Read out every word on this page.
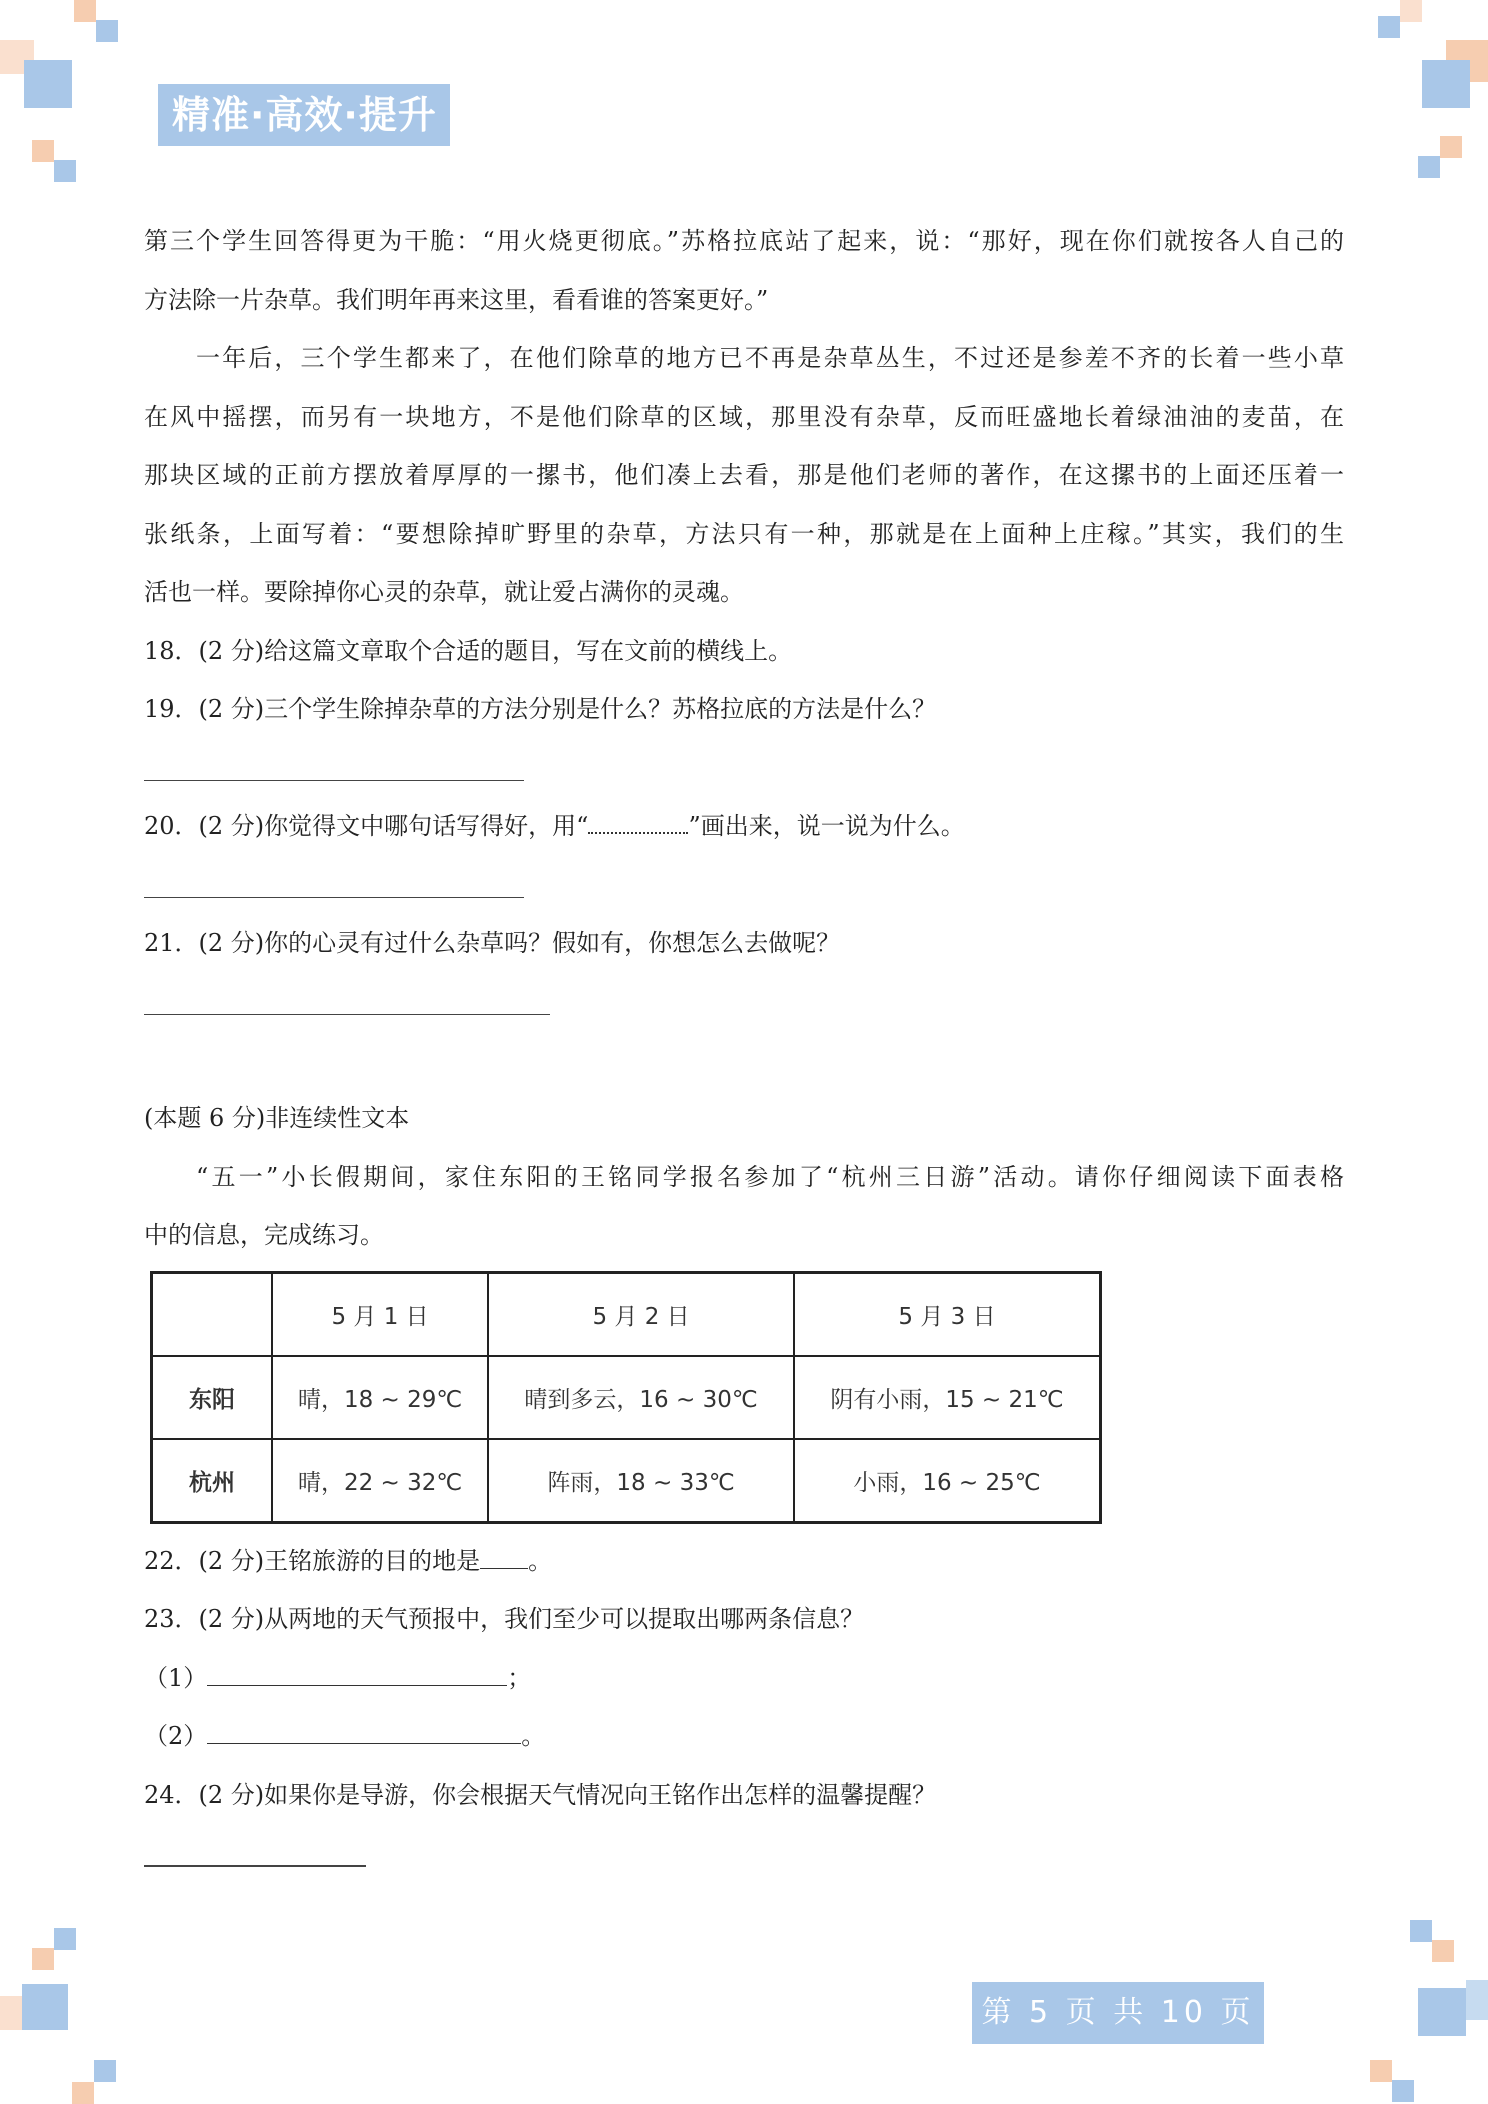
精准·高效·提升
第三个学生回答得更为干脆：“用火烧更彻底。”苏格拉底站了起来，说：“那好，现在你们就按各人自己的
方法除一片杂草。我们明年再来这里，看看谁的答案更好。”
一年后，三个学生都来了，在他们除草的地方已不再是杂草丛生，不过还是参差不齐的长着一些小草
在风中摇摆，而另有一块地方，不是他们除草的区域，那里没有杂草，反而旺盛地长着绿油油的麦苗，在
那块区域的正前方摆放着厚厚的一摞书，他们凑上去看，那是他们老师的著作，在这摞书的上面还压着一
张纸条，上面写着：“要想除掉旷野里的杂草，方法只有一种，那就是在上面种上庄稼。”其实，我们的生
活也一样。要除掉你心灵的杂草，就让爱占满你的灵魂。
18．(2 分)给这篇文章取个合适的题目，写在文前的横线上。
19．(2 分)三个学生除掉杂草的方法分别是什么？苏格拉底的方法是什么？
20．(2 分)你觉得文中哪句话写得好，用“	”画出来，说一说为什么。
21．(2 分)你的心灵有过什么杂草吗？假如有，你想怎么去做呢？
(本题 6 分)非连续性文本
“五一”小长假期间，家住东阳的王铭同学报名参加了“杭州三日游”活动。请你仔细阅读下面表格
中的信息，完成练习。
	5 月 1 日	5 月 2 日	5 月 3 日
东阳	晴，18 ~ 29℃	晴到多云，16 ~ 30℃	阴有小雨，15 ~ 21℃
杭州	晴，22 ~ 32℃	阵雨，18 ~ 33℃	小雨，16 ~ 25℃
22．(2 分)王铭旅游的目的地是 。
23．(2 分)从两地的天气预报中，我们至少可以提取出哪两条信息？
（1）	；
（2）	。
24．(2 分)如果你是导游，你会根据天气情况向王铭作出怎样的温馨提醒？
第 5 页 共 10 页
